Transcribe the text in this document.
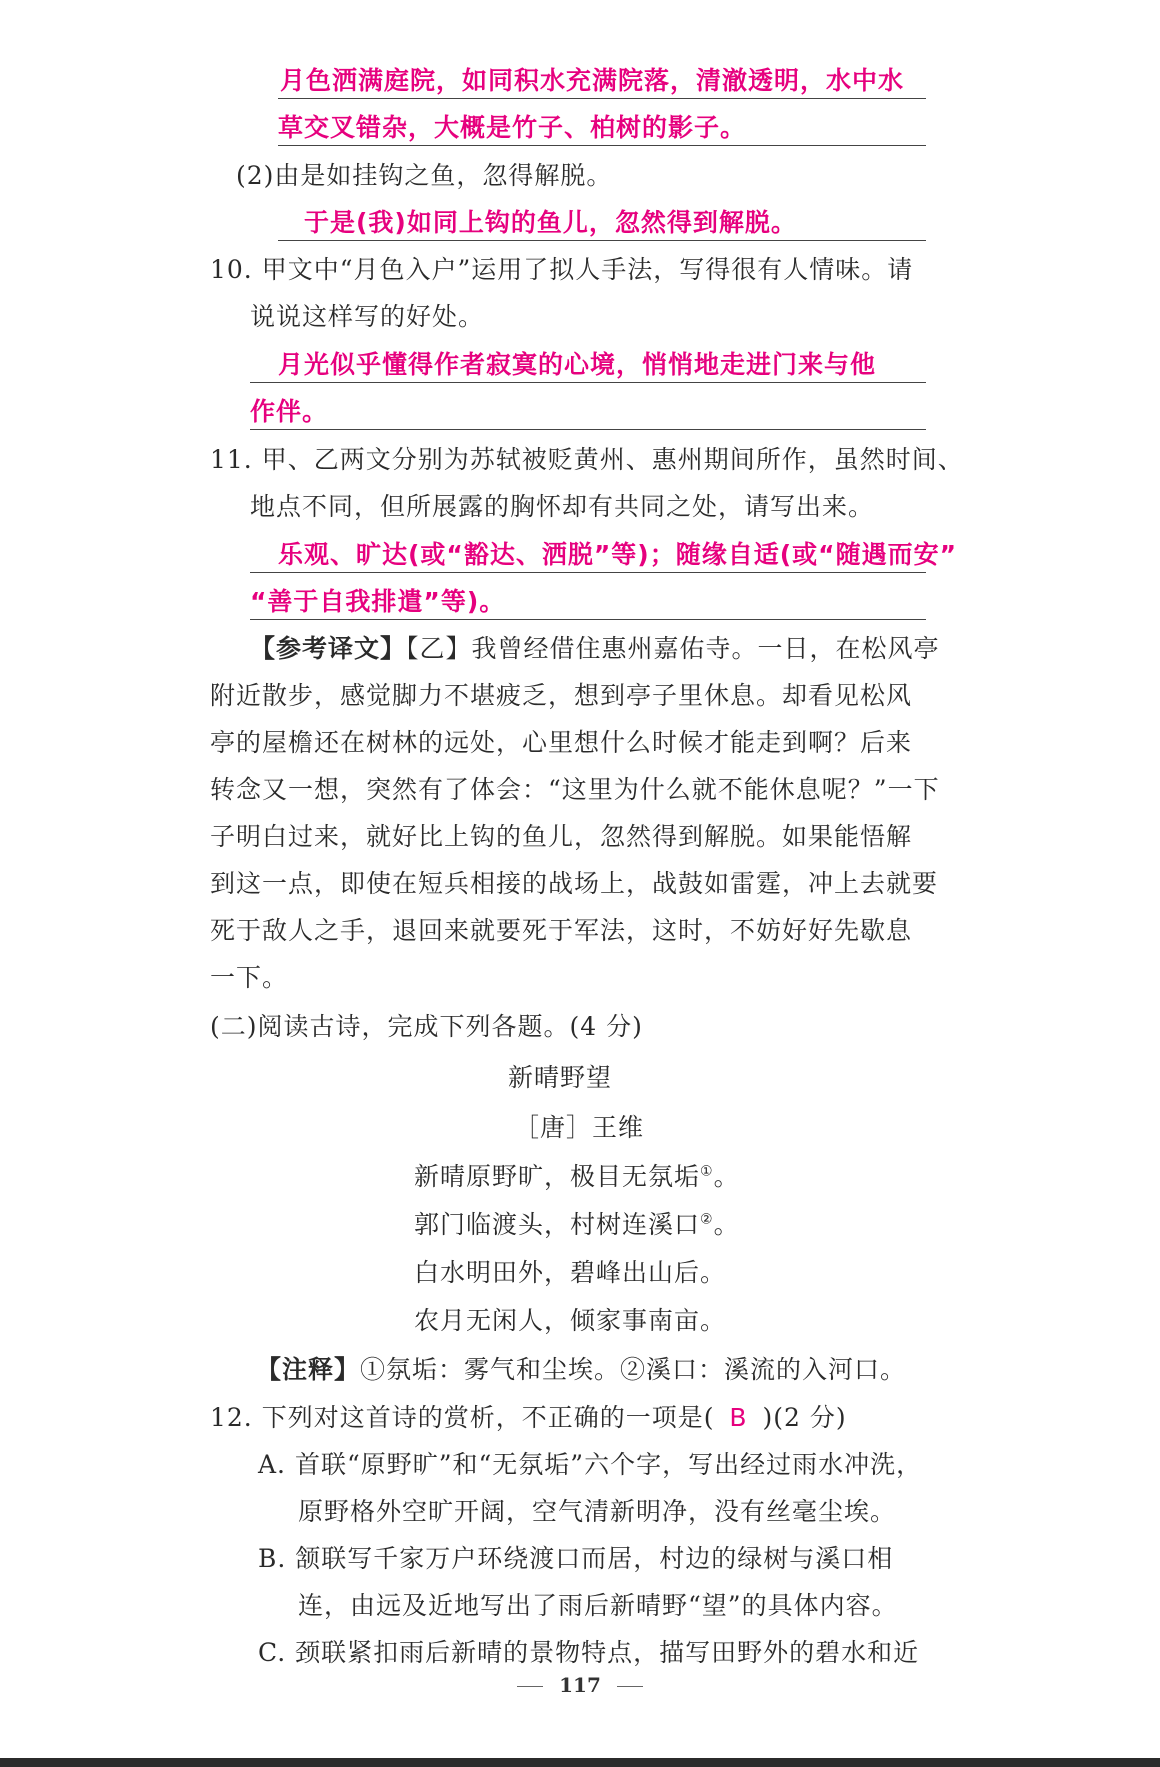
月色洒满庭院，如同积水充满院落，清澈透明，水中水
草交叉错杂，大概是竹子、柏树的影子。
(2)由是如挂钩之鱼，忽得解脱。
于是(我)如同上钩的鱼儿，忽然得到解脱。
10. 甲文中“月色入户”运用了拟人手法，写得很有人情味。请
说说这样写的好处。
月光似乎懂得作者寂寞的心境，悄悄地走进门来与他
作伴。
11. 甲、乙两文分别为苏轼被贬黄州、惠州期间所作，虽然时间、
地点不同，但所展露的胸怀却有共同之处，请写出来。
乐观、旷达(或“豁达、洒脱”等)；随缘自适(或“随遇而安”
“善于自我排遣”等)。
【参考译文】【乙】我曾经借住惠州嘉佑寺。一日，在松风亭
附近散步，感觉脚力不堪疲乏，想到亭子里休息。却看见松风
亭的屋檐还在树林的远处，心里想什么时候才能走到啊？后来
转念又一想，突然有了体会：“这里为什么就不能休息呢？”一下
子明白过来，就好比上钩的鱼儿，忽然得到解脱。如果能悟解
到这一点，即使在短兵相接的战场上，战鼓如雷霆，冲上去就要
死于敌人之手，退回来就要死于军法，这时，不妨好好先歇息
一下。
(二)阅读古诗，完成下列各题。(4 分)
新晴野望
［唐］王维
新晴原野旷，极目无氛垢①。
郭门临渡头，村树连溪口②。
白水明田外，碧峰出山后。
农月无闲人，倾家事南亩。
【注释】①氛垢：雾气和尘埃。②溪口：溪流的入河口。
12. 下列对这首诗的赏析，不正确的一项是( B )(2 分)
A. 首联“原野旷”和“无氛垢”六个字，写出经过雨水冲洗，
原野格外空旷开阔，空气清新明净，没有丝毫尘埃。
B. 颔联写千家万户环绕渡口而居，村边的绿树与溪口相
连，由远及近地写出了雨后新晴野“望”的具体内容。
C. 颈联紧扣雨后新晴的景物特点，描写田野外的碧水和近
117
